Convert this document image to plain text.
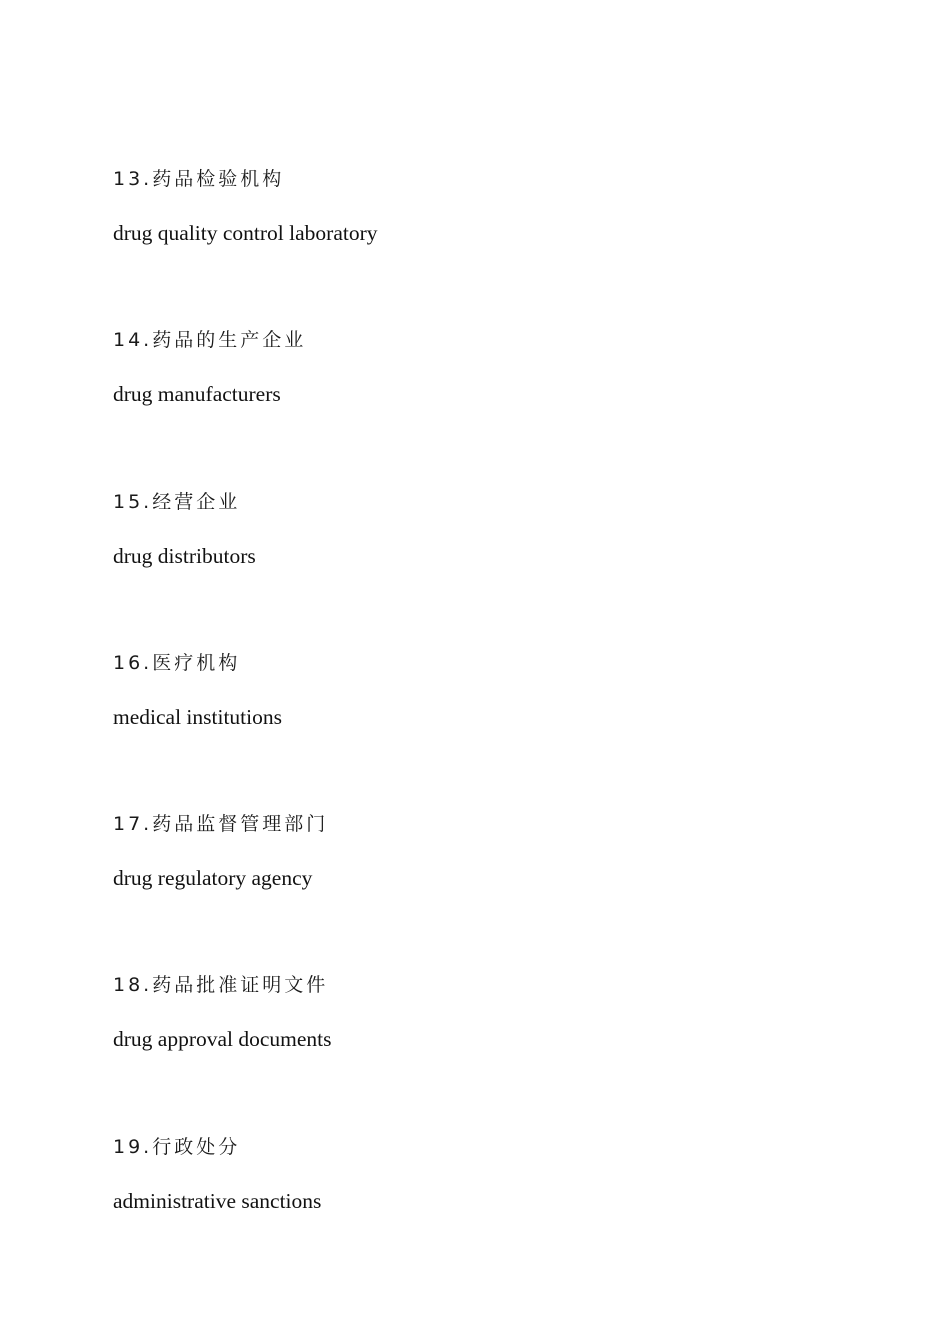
13.药品检验机构
drug quality control laboratory
14.药品的生产企业
drug manufacturers
15.经营企业
drug distributors
16.医疗机构
medical institutions
17.药品监督管理部门
drug regulatory agency
18.药品批准证明文件
drug approval documents
19.行政处分
administrative sanctions
